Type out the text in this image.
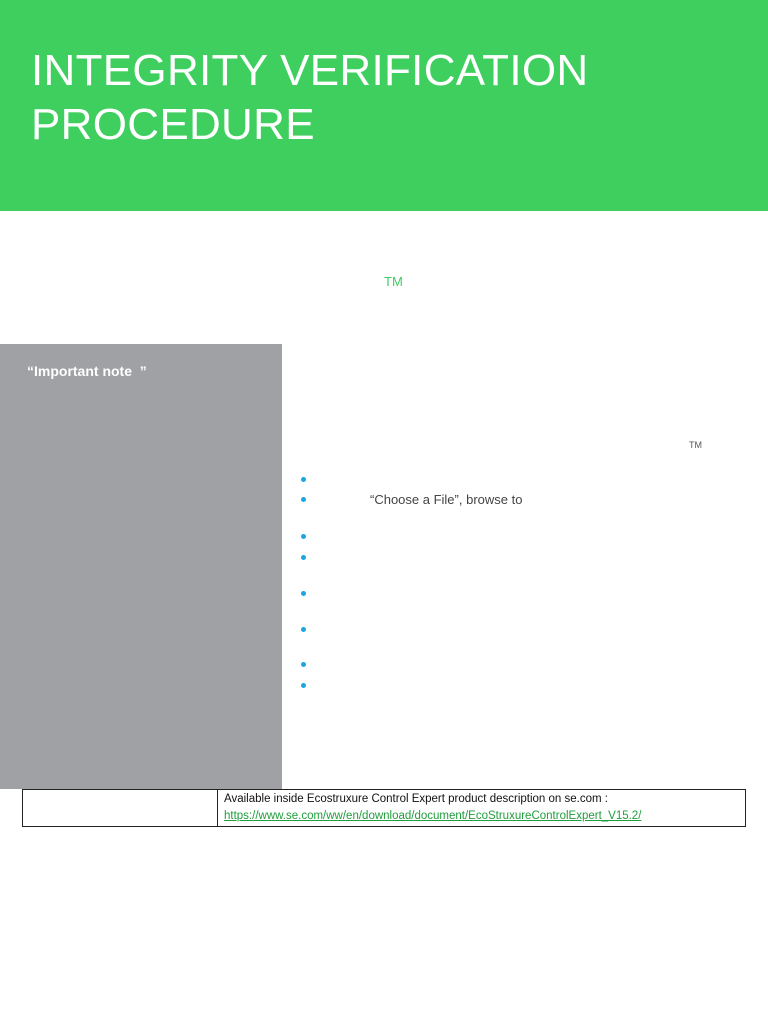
INTEGRITY VERIFICATION
PROCEDURE
TM
“Important note  ”
TM
“Choose a File”, browse to

Available inside Ecostruxure Control Expert product description on se.com :
https://www.se.com/ww/en/download/document/EcoStruxureControlExpert_V15.2/
